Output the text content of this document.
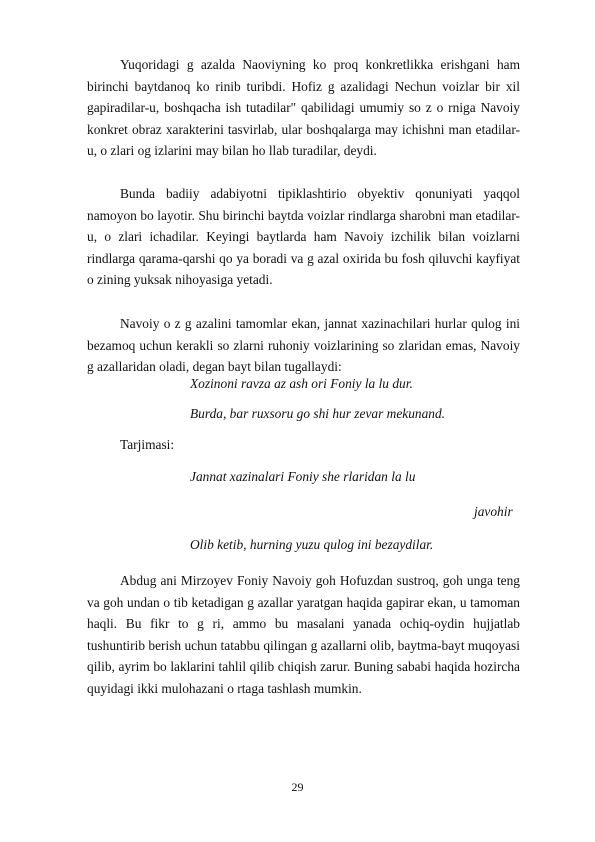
Yuqoridagi g azalda Naoviyning ko proq konkretlikka erishgani ham birinchi baytdanoq ko rinib turibdi. Hofiz g azalidagi Nechun voizlar bir xil gapiradilar-u, boshqacha ish tutadilar" qabilidagi umumiy so z o rniga Navoiy konkret obraz xarakterini tasvirlab, ular boshqalarga may ichishni man etadilar-u, o zlari og izlarini may bilan ho llab turadilar, deydi.

Bunda badiiy adabiyotni tipiklashtirio obyektiv qonuniyati yaqqol namoyon bo layotir. Shu birinchi baytda voizlar rindlarga sharobni man etadilar-u, o zlari ichadilar. Keyingi baytlarda ham Navoiy izchilik bilan voizlarni rindlarga qarama-qarshi qo ya boradi va g azal oxirida bu fosh qiluvchi kayfiyat o zining yuksak nihoyasiga yetadi.

Navoiy o z g azalini tamomlar ekan, jannat xazinachilari hurlar qulog ini bezamoq uchun kerakli so zlarni ruhoniy voizlarining so zlaridan emas, Navoiy g azallaridan oladi, degan bayt bilan tugallaydi:

Xozinoni ravza az ash ori Foniy la lu dur.

Burda, bar ruxsoru go shi hur zevar mekunand.

Tarjimasi:

Jannat xazinalari Foniy she rlaridan la lu

javohir

Olib ketib, hurning yuzu qulog ini bezaydilar.

Abdug ani Mirzoyev Foniy Navoiy goh Hofuzdan sustroq, goh unga teng va goh undan o tib ketadigan g azallar yaratgan haqida gapirar ekan, u tamoman haqli. Bu fikr to g ri, ammo bu masalani yanada ochiq-oydin hujjatlab tushuntirib berish uchun tatabbu qilingan g azallarni olib, baytma-bayt muqoyasi qilib, ayrim bo laklarini tahlil qilib chiqish zarur. Buning sababi haqida hozircha quyidagi ikki mulohazani o rtaga tashlash mumkin.

29
